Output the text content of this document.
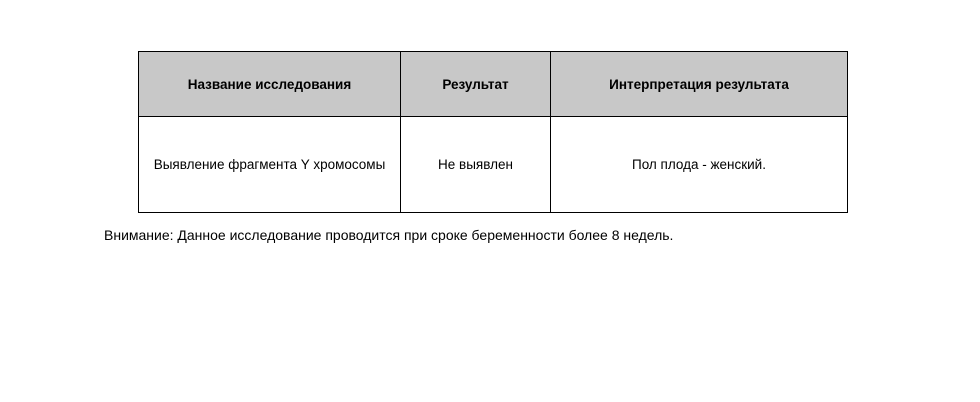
Название исследования	Результат	Интерпретация результата
Выявление фрагмента Y хромосомы	Не выявлен	Пол плода - женский.
Внимание: Данное исследование проводится при сроке беременности более 8 недель.
